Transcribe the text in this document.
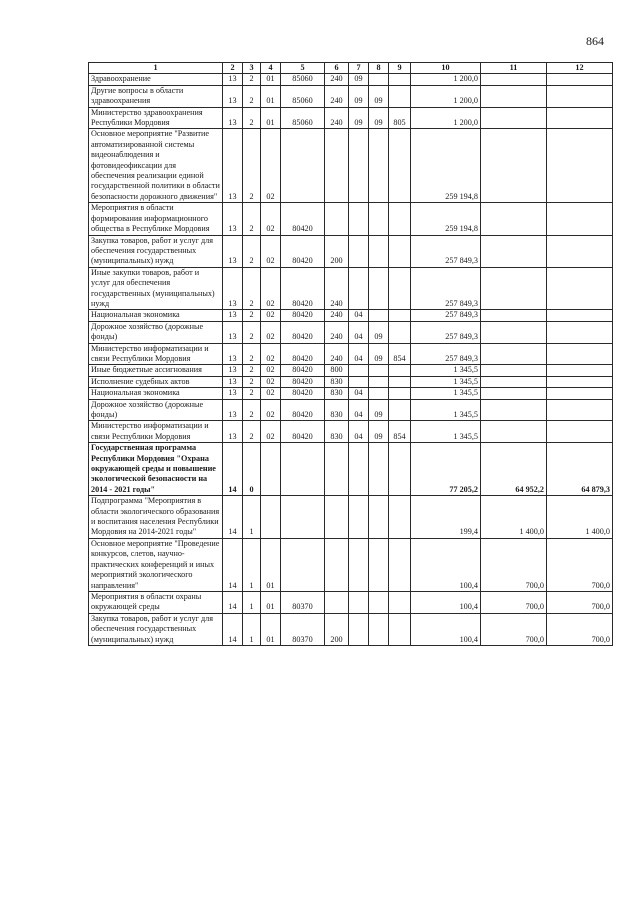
864
1	2	3	4	5	6	7	8	9	10	11	12
Здравоохранение	13	2	01	85060	240	09			1 200,0		
Другие вопросы в области здравоохранения	13	2	01	85060	240	09	09		1 200,0		
Министерство здравоохранения Республики Мордовия	13	2	01	85060	240	09	09	805	1 200,0		
Основное мероприятие "Развитие автоматизированной системы видеонаблюдения и фотовидеофиксации для обеспечения реализации единой государственной политики в области безопасности дорожного движения"	13	2	02						259 194,8		
Мероприятия в области формирования информационного общества в Республике Мордовия	13	2	02	80420					259 194,8		
Закупка товаров, работ и услуг для обеспечения государственных (муниципальных) нужд	13	2	02	80420	200				257 849,3		
Иные закупки товаров, работ и услуг для обеспечения государственных (муниципальных) нужд	13	2	02	80420	240				257 849,3		
Национальная экономика	13	2	02	80420	240	04			257 849,3		
Дорожное хозяйство (дорожные фонды)	13	2	02	80420	240	04	09		257 849,3		
Министерство информатизации и связи Республики Мордовия	13	2	02	80420	240	04	09	854	257 849,3		
Иные бюджетные ассигнования	13	2	02	80420	800				1 345,5		
Исполнение судебных актов	13	2	02	80420	830				1 345,5		
Национальная экономика	13	2	02	80420	830	04			1 345,5		
Дорожное хозяйство (дорожные фонды)	13	2	02	80420	830	04	09		1 345,5		
Министерство информатизации и связи Республики Мордовия	13	2	02	80420	830	04	09	854	1 345,5		
Государственная программа Республики Мордовия "Охрана окружающей среды и повышение экологической безопасности на 2014 - 2021 годы"	14	0							77 205,2	64 952,2	64 879,3
Подпрограмма "Мероприятия в области экологического образования и воспитания населения Республики Мордовия на 2014-2021 годы"	14	1							199,4	1 400,0	1 400,0
Основное мероприятие "Проведение конкурсов, слетов, научно-практических конференций и иных мероприятий экологического направления"	14	1	01						100,4	700,0	700,0
Мероприятия в области охраны окружающей среды	14	1	01	80370					100,4	700,0	700,0
Закупка товаров, работ и услуг для обеспечения государственных (муниципальных) нужд	14	1	01	80370	200				100,4	700,0	700,0
